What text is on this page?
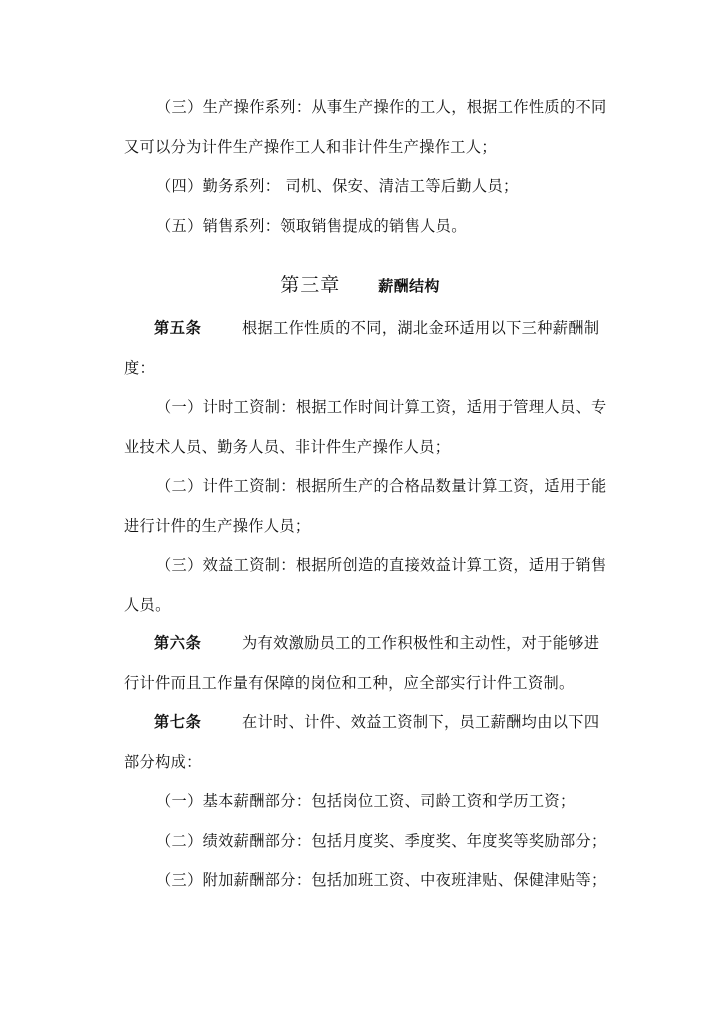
（三）生产操作系列：从事生产操作的工人，根据工作性质的不同
又可以分为计件生产操作工人和非计件生产操作工人；
（四）勤务系列： 司机、保安、清洁工等后勤人员；
（五）销售系列：领取销售提成的销售人员。
第三章	薪酬结构
第五条	根据工作性质的不同，湖北金环适用以下三种薪酬制
度：
（一）计时工资制：根据工作时间计算工资，适用于管理人员、专
业技术人员、勤务人员、非计件生产操作人员；
（二）计件工资制：根据所生产的合格品数量计算工资，适用于能
进行计件的生产操作人员；
（三）效益工资制：根据所创造的直接效益计算工资，适用于销售
人员。
第六条	为有效激励员工的工作积极性和主动性，对于能够进
行计件而且工作量有保障的岗位和工种，应全部实行计件工资制。
第七条	在计时、计件、效益工资制下，员工薪酬均由以下四
部分构成：
（一）基本薪酬部分：包括岗位工资、司龄工资和学历工资；
（二）绩效薪酬部分：包括月度奖、季度奖、年度奖等奖励部分；
（三）附加薪酬部分：包括加班工资、中夜班津贴、保健津贴等；
